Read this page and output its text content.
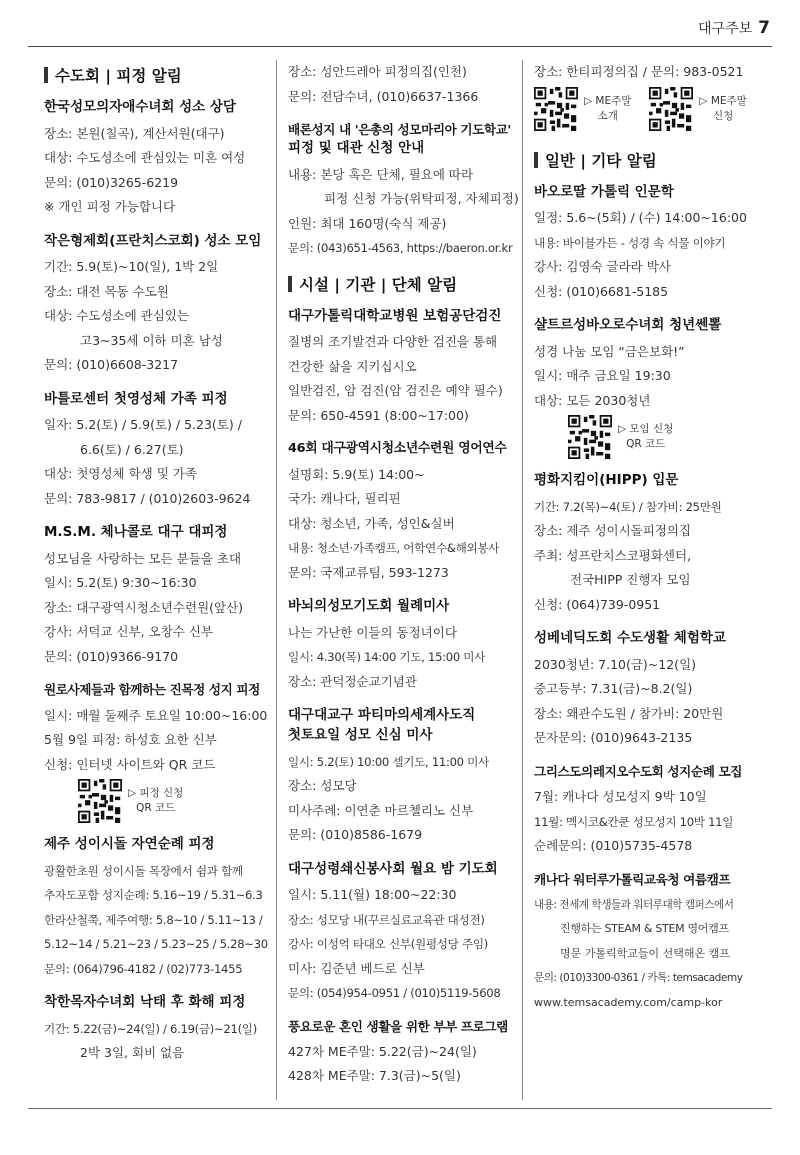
대구주보 7
수도회 | 피정 알림
한국성모의자애수녀회 성소 상담
장소: 본원(칠곡), 계산서원(대구)
대상: 수도성소에 관심있는 미혼 여성
문의: (010)3265-6219
※ 개인 피정 가능합니다
작은형제회(프란치스코회) 성소 모임
기간: 5.9(토)~10(일), 1박 2일
장소: 대전 목동 수도원
대상: 수도성소에 관심있는
고3~35세 이하 미혼 남성
문의: (010)6608-3217
바틀로센터 첫영성체 가족 피정
일자: 5.2(토) / 5.9(토) / 5.23(토) /
6.6(토) / 6.27(토)
대상: 첫영성체 학생 및 가족
문의: 783-9817 / (010)2603-9624
M.S.M. 체나콜로 대구 대피정
성모님을 사랑하는 모든 분들을 초대
일시: 5.2(토) 9:30~16:30
장소: 대구광역시청소년수련원(앞산)
강사: 서덕교 신부, 오창수 신부
문의: (010)9366-9170
원로사제들과 함께하는 진목정 성지 피정
일시: 매월 둘째주 토요일 10:00~16:00
5월 9일 피정: 하성호 요한 신부
신청: 인터넷 사이트와 QR 코드
▷ 피정 신청
QR 코드
제주 성이시돌 자연순례 피정
광활한초원 성이시돌 목장에서 쉼과 함께
추자도포함 성지순례: 5.16~19 / 5.31~6.3
한라산철쭉, 제주여행: 5.8~10 / 5.11~13 /
5.12~14 / 5.21~23 / 5.23~25 / 5.28~30
문의: (064)796-4182 / (02)773-1455
착한목자수녀회 낙태 후 화해 피정
기간: 5.22(금)~24(일) / 6.19(금)~21(일)
2박 3일, 회비 없음
장소: 성안드레아 피정의집(인천)
문의: 전담수녀, (010)6637-1366
배론성지 내 '은총의 성모마리아 기도학교'
피정 및 대관 신청 안내
내용: 본당 혹은 단체, 필요에 따라
피정 신청 가능(위탁피정, 자체피정)
인원: 최대 160명(숙식 제공)
문의: (043)651-4563, https://baeron.or.kr
시설 | 기관 | 단체 알림
대구가톨릭대학교병원 보험공단검진
질병의 조기발견과 다양한 검진을 통해
건강한 삶을 지키십시오
일반검진, 암 검진(암 검진은 예약 필수)
문의: 650-4591 (8:00~17:00)
46회 대구광역시청소년수련원 영어연수
설명회: 5.9(토) 14:00~
국가: 캐나다, 필리핀
대상: 청소년, 가족, 성인&실버
내용: 청소년·가족캠프, 어학연수&해외봉사
문의: 국제교류팀, 593-1273
바뇌의성모기도회 월례미사
나는 가난한 이들의 동정녀이다
일시: 4.30(목) 14:00 기도, 15:00 미사
장소: 관덕정순교기념관
대구대교구 파티마의세계사도직
첫토요일 성모 신심 미사
일시: 5.2(토) 10:00 셀기도, 11:00 미사
장소: 성모당
미사주례: 이연춘 마르첼리노 신부
문의: (010)8586-1679
대구성령쇄신봉사회 월요 밤 기도회
일시: 5.11(월) 18:00~22:30
장소: 성모당 내(꾸르실료교육관 대성전)
강사: 이성억 타대오 신부(원평성당 주임)
미사: 김준년 베드로 신부
문의: (054)954-0951 / (010)5119-5608
풍요로운 혼인 생활을 위한 부부 프로그램
427차 ME주말: 5.22(금)~24(일)
428차 ME주말: 7.3(금)~5(일)
장소: 한티피정의집 / 문의: 983-0521
▷ ME주말
소개
▷ ME주말
신청
일반 | 기타 알림
바오로딸 가톨릭 인문학
일정: 5.6~(5회) / (수) 14:00~16:00
내용: 바이블가든 - 성경 속 식물 이야기
강사: 김영숙 글라라 박사
신청: (010)6681-5185
샬트르성바오로수녀회 청년쎈뽈
성경 나눔 모임 “금은보화!”
일시: 매주 금요일 19:30
대상: 모든 2030청년
▷ 모임 신청
QR 코드
평화지킴이(HIPP) 입문
기간: 7.2(목)~4(토) / 참가비: 25만원
장소: 제주 성이시돌피정의집
주최: 성프란치스코평화센터,
전국HIPP 진행자 모임
신청: (064)739-0951
성베네딕도회 수도생활 체험학교
2030청년: 7.10(금)~12(일)
중고등부: 7.31(금)~8.2(일)
장소: 왜관수도원 / 참가비: 20만원
문자문의: (010)9643-2135
그리스도의레지오수도회 성지순례 모집
7월: 캐나다 성모성지 9박 10일
11월: 멕시코&칸쿤 성모성지 10박 11일
순례문의: (010)5735-4578
캐나다 워터루가톨릭교육청 여름캠프
내용: 전세계 학생들과 워터루대학 캠퍼스에서
진행하는 STEAM & STEM 영어캠프
명문 가톨릭학교들이 선택해온 캠프
문의: (010)3300-0361 / 카톡: temsacademy
www.temsacademy.com/camp-kor
